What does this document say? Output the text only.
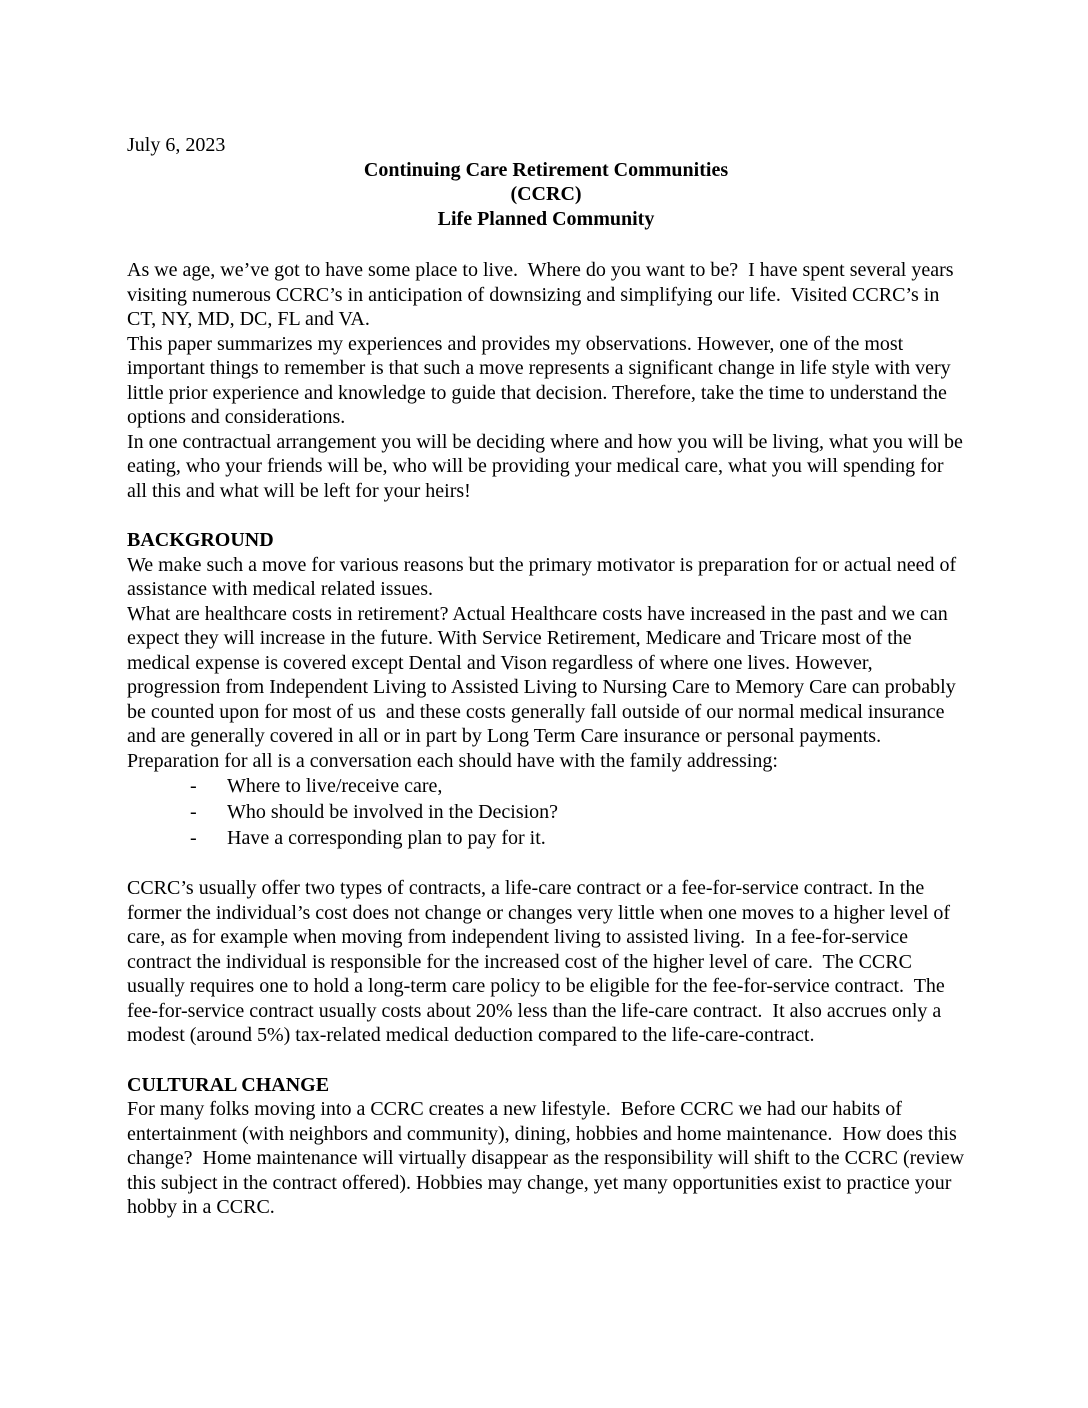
July 6, 2023

Continuing Care Retirement Communities

(CCRC)

Life Planned Community

As we age, we’ve got to have some place to live.  Where do you want to be?  I have spent several years visiting numerous CCRC’s in anticipation of downsizing and simplifying our life.  Visited CCRC’s in CT, NY, MD, DC, FL and VA.

This paper summarizes my experiences and provides my observations. However, one of the most important things to remember is that such a move represents a significant change in life style with very little prior experience and knowledge to guide that decision. Therefore, take the time to understand the options and considerations.

In one contractual arrangement you will be deciding where and how you will be living, what you will be eating, who your friends will be, who will be providing your medical care, what you will spending for all this and what will be left for your heirs!

BACKGROUND

We make such a move for various reasons but the primary motivator is preparation for or actual need of assistance with medical related issues.

What are healthcare costs in retirement? Actual Healthcare costs have increased in the past and we can expect they will increase in the future. With Service Retirement, Medicare and Tricare most of the medical expense is covered except Dental and Vison regardless of where one lives. However, progression from Independent Living to Assisted Living to Nursing Care to Memory Care can probably be counted upon for most of us  and these costs generally fall outside of our normal medical insurance and are generally covered in all or in part by Long Term Care insurance or personal payments.

Preparation for all is a conversation each should have with the family addressing:

-	Where to live/receive care,
-	Who should be involved in the Decision?
-	Have a corresponding plan to pay for it.

CCRC’s usually offer two types of contracts, a life-care contract or a fee-for-service contract. In the former the individual’s cost does not change or changes very little when one moves to a higher level of care, as for example when moving from independent living to assisted living.  In a fee-for-service contract the individual is responsible for the increased cost of the higher level of care.  The CCRC usually requires one to hold a long-term care policy to be eligible for the fee-for-service contract.  The fee-for-service contract usually costs about 20% less than the life-care contract.  It also accrues only a modest (around 5%) tax-related medical deduction compared to the life-care-contract.

CULTURAL CHANGE

For many folks moving into a CCRC creates a new lifestyle.  Before CCRC we had our habits of entertainment (with neighbors and community), dining, hobbies and home maintenance.  How does this change?  Home maintenance will virtually disappear as the responsibility will shift to the CCRC (review this subject in the contract offered). Hobbies may change, yet many opportunities exist to practice your hobby in a CCRC.
